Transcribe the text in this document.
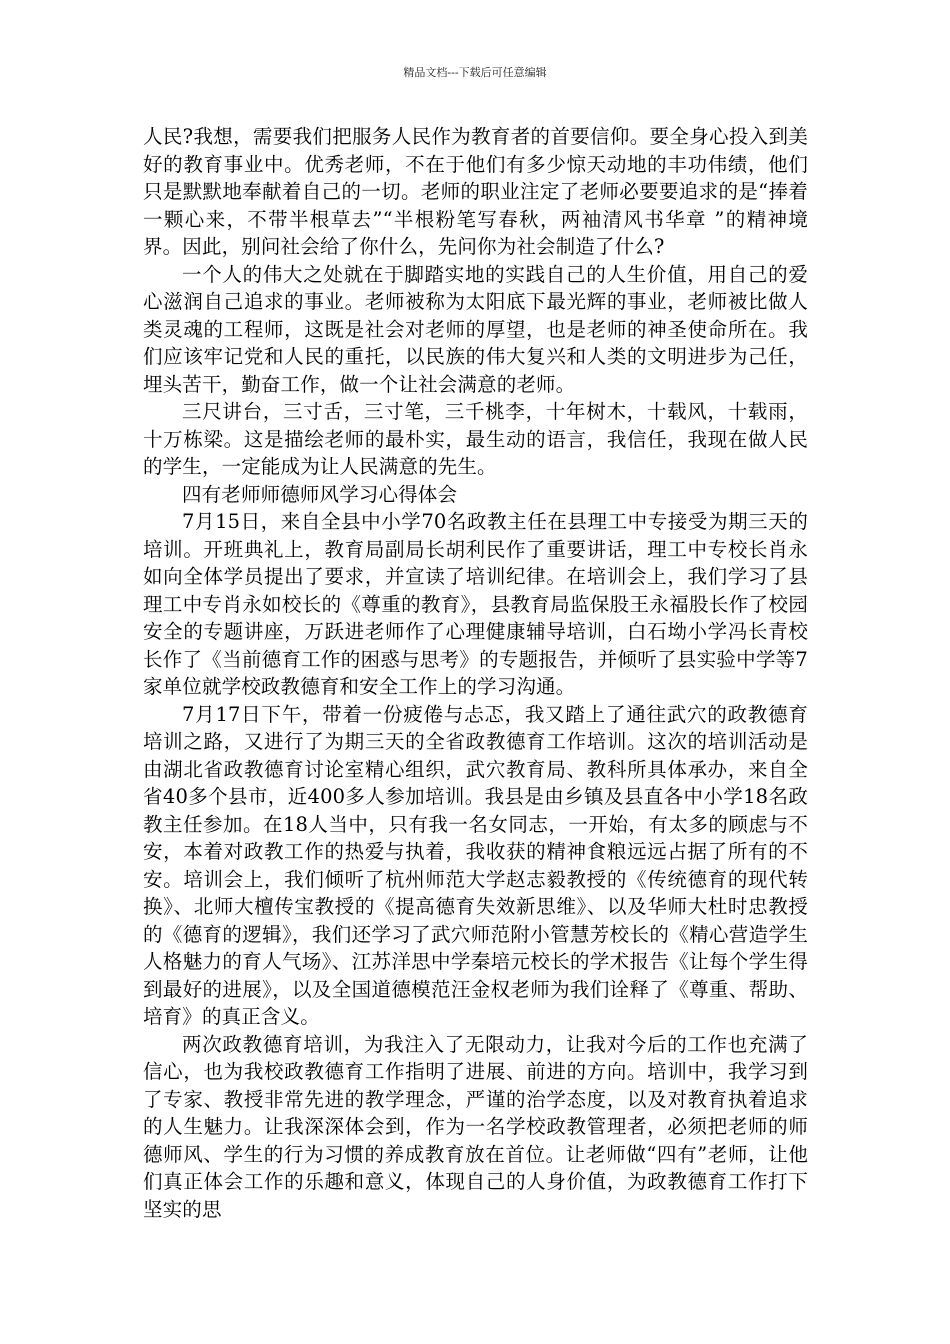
精品文档---下载后可任意编辑

人民?我想，需要我们把服务人民作为教育者的首要信仰。要全身心投入到美好的教育事业中。优秀老师，不在于他们有多少惊天动地的丰功伟绩，他们只是默默地奉献着自己的一切。老师的职业注定了老师必要要追求的是“捧着一颗心来，不带半根草去”“半根粉笔写春秋，两袖清风书华章 ”的精神境界。因此，别问社会给了你什么，先问你为社会制造了什么?

一个人的伟大之处就在于脚踏实地的实践自己的人生价值，用自己的爱心滋润自己追求的事业。老师被称为太阳底下最光辉的事业，老师被比做人类灵魂的工程师，这既是社会对老师的厚望，也是老师的神圣使命所在。我们应该牢记党和人民的重托，以民族的伟大复兴和人类的文明进步为己任，埋头苦干，勤奋工作，做一个让社会满意的老师。

三尺讲台，三寸舌，三寸笔，三千桃李，十年树木，十载风，十载雨，十万栋梁。这是描绘老师的最朴实，最生动的语言，我信任，我现在做人民的学生，一定能成为让人民满意的先生。

四有老师师德师风学习心得体会

7月15日，来自全县中小学70名政教主任在县理工中专接受为期三天的培训。开班典礼上，教育局副局长胡利民作了重要讲话，理工中专校长肖永如向全体学员提出了要求，并宣读了培训纪律。在培训会上，我们学习了县理工中专肖永如校长的《尊重的教育》，县教育局监保股王永福股长作了校园安全的专题讲座，万跃进老师作了心理健康辅导培训，白石坳小学冯长青校长作了《当前德育工作的困惑与思考》的专题报告，并倾听了县实验中学等7家单位就学校政教德育和安全工作上的学习沟通。

7月17日下午，带着一份疲倦与忐忑，我又踏上了通往武穴的政教德育培训之路，又进行了为期三天的全省政教德育工作培训。这次的培训活动是由湖北省政教德育讨论室精心组织，武穴教育局、教科所具体承办，来自全省40多个县市，近400多人参加培训。我县是由乡镇及县直各中小学18名政教主任参加。在18人当中，只有我一名女同志，一开始，有太多的顾虑与不安，本着对政教工作的热爱与执着，我收获的精神食粮远远占据了所有的不安。培训会上，我们倾听了杭州师范大学赵志毅教授的《传统德育的现代转换》、北师大檀传宝教授的《提高德育失效新思维》、以及华师大杜时忠教授的《德育的逻辑》，我们还学习了武穴师范附小管慧芳校长的《精心营造学生人格魅力的育人气场》、江苏洋思中学秦培元校长的学术报告《让每个学生得到最好的进展》，以及全国道德模范汪金权老师为我们诠释了《尊重、帮助、培育》的真正含义。

两次政教德育培训，为我注入了无限动力，让我对今后的工作也充满了信心，也为我校政教德育工作指明了进展、前进的方向。培训中，我学习到了专家、教授非常先进的教学理念，严谨的治学态度，以及对教育执着追求的人生魅力。让我深深体会到，作为一名学校政教管理者，必须把老师的师德师风、学生的行为习惯的养成教育放在首位。让老师做“四有”老师，让他们真正体会工作的乐趣和意义，体现自己的人身价值，为政教德育工作打下坚实的思
